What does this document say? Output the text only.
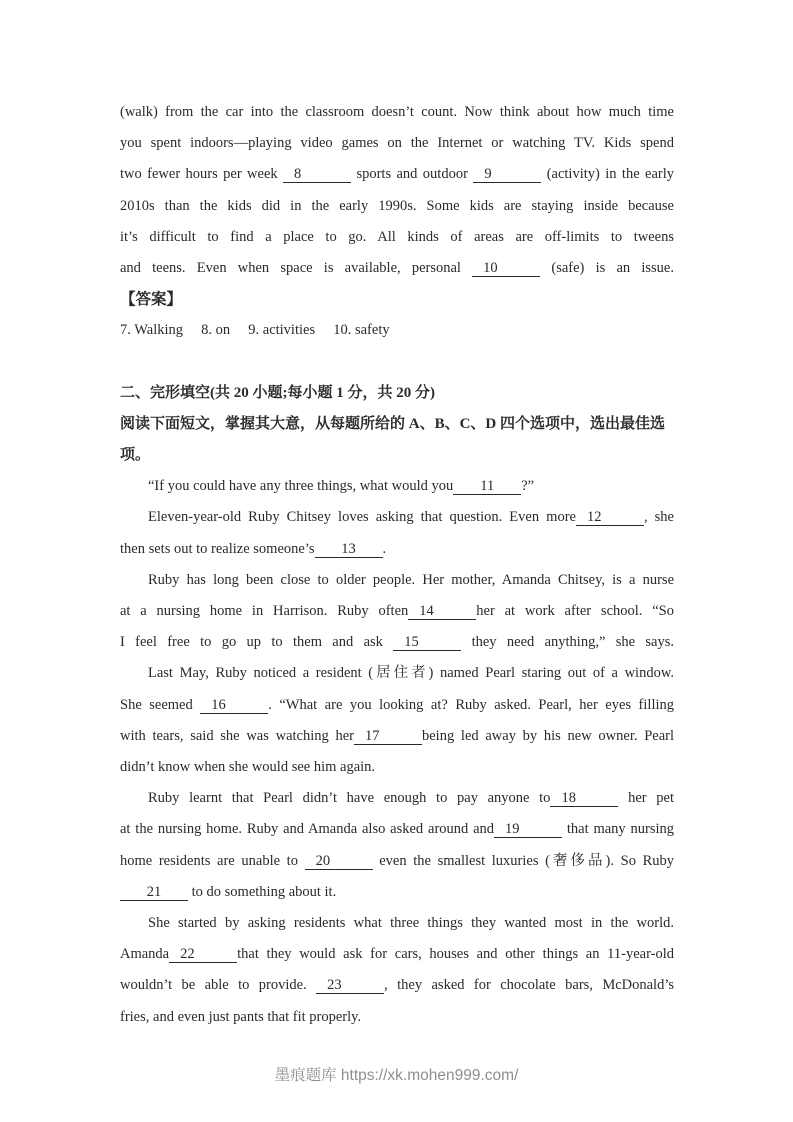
(walk) from the car into the classroom doesn’t count. Now think about how much time
you spent indoors—playing video games on the Internet or watching TV. Kids spend
two fewer hours per week 8	sports and outdoor 9	(activity) in the early
2010s than the kids did in the early 1990s. Some kids are staying inside because
it’s difficult to find a place to go. All kinds of areas are off-limits to tweens
and teens. Even when space is available, personal 10	(safe) is an issue.
【答案】
7. Walking     8. on     9. activities     10. safety
二、完形填空(共 20 小题;每小题 1 分，共 20 分)
阅读下面短文，掌握其大意，从每题所给的 A、B、C、D 四个选项中，选出最佳选项。
“If you could have any three things, what would you 11 ?”
Eleven-year-old Ruby Chitsey loves asking that question. Even more 12	, she
then sets out to realize someone’s 13 .
Ruby has long been close to older people. Her mother, Amanda Chitsey, is a nurse
at a nursing home in Harrison. Ruby often 14	her at work after school. “So
I feel free to go up to them and ask 15	they need anything,” she says.
Last May, Ruby noticed a resident (居住者) named Pearl staring out of a window.
She seemed 16	. “What are you looking at? Ruby asked. Pearl, her eyes filling
with tears, said she was watching her 17	being led away by his new owner. Pearl
didn’t know when she would see him again.
Ruby learnt that Pearl didn’t have enough to pay anyone to 18	her pet
at the nursing home. Ruby and Amanda also asked around and 19	that many nursing
home residents are unable to 20	even the smallest luxuries (奢侈品). So Ruby
21 to do something about it.
She started by asking residents what three things they wanted most in the world.
Amanda 22	that they would ask for cars, houses and other things an 11-year-old
wouldn’t be able to provide. 23	, they asked for chocolate bars, McDonald’s
fries, and even just pants that fit properly.
墨痕题库 https://xk.mohen999.com/
